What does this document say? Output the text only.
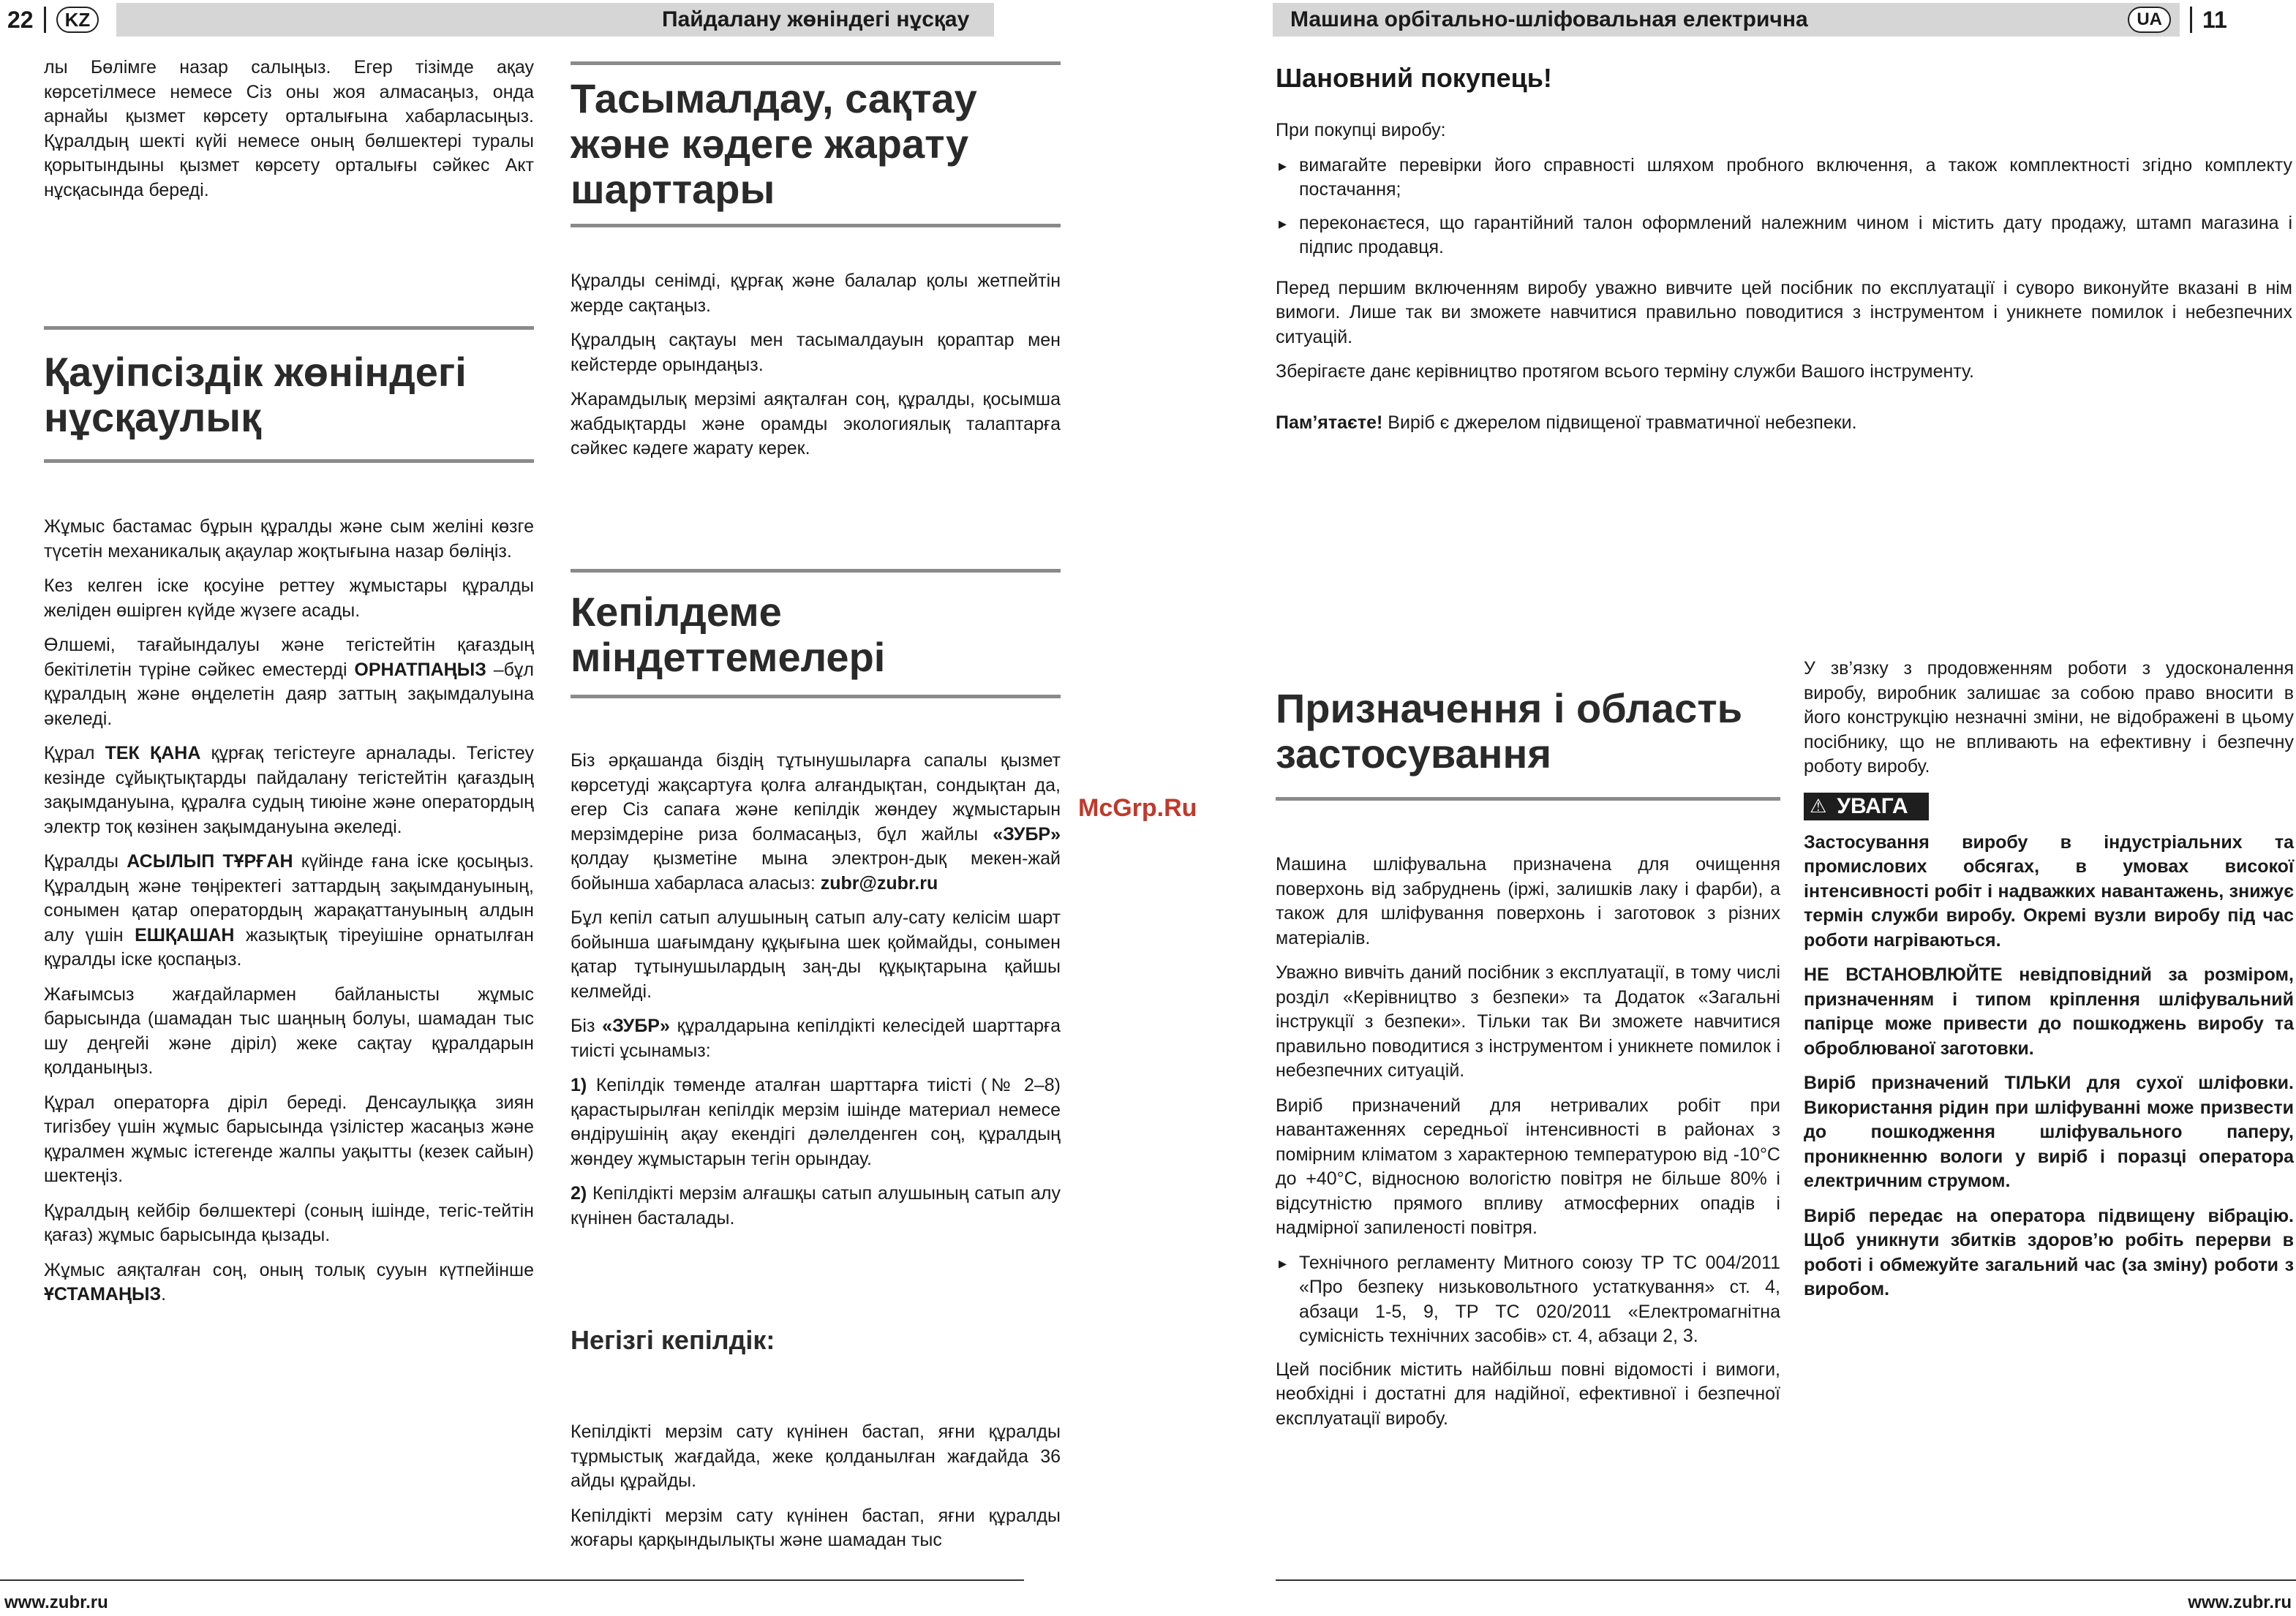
22	KZ	Пайдалану жөніндегі нұсқау

лы Бөлімге назар салыңыз. Егер тізімде ақау көрсетілмесе немесе Сіз оны жоя алмасаңыз, онда арнайы қызмет көрсету орталығына хабарласыңыз. Құралдың шекті күйі немесе оның бөлшектері туралы қорытындыны қызмет көрсету орталығы сәйкес Акт нұсқасында береді.

Қауіпсіздік жөніндегі нұсқаулық

Жұмыс бастамас бұрын құралды және сым желіні көзге түсетін механикалық ақаулар жоқтығына назар бөліңіз.

Кез келген іске қосуіне реттеу жұмыстары құралды желіден өшірген күйде жүзеге асады.

Өлшемі, тағайындалуы және тегістейтін қағаздың бекітілетін түріне сәйкес еместерді ОРНАТПАҢЫЗ –бұл құралдың және өңделетін даяр заттың зақымдалуына әкеледі.

Құрал ТЕК ҚАНА құрғақ тегістеуге арналады. Тегістеу кезінде сұйықтықтарды пайдалану тегістейтін қағаздың зақымдануына, құралға судың тиюіне және оператордың электр тоқ көзінен зақымдануына әкеледі.

Құралды АСЫЛЫП ТҰРҒАН күйінде ғана іске қосыңыз. Құралдың және төңіректегі заттардың зақымдануының, сонымен қатар оператордың жарақаттануының алдын алу үшін ЕШҚАШАН жазықтық тіреуішіне орнатылған құралды іске қоспаңыз.

Жағымсыз жағдайлармен байланысты жұмыс барысында (шамадан тыс шаңның болуы, шамадан тыс шу деңгейі және діріл) жеке сақтау құралдарын қолданыңыз.

Құрал операторға діріл береді. Денсаулыққа зиян тигізбеу үшін жұмыс барысында үзілістер жасаңыз және құралмен жұмыс істегенде жалпы уақытты (кезек сайын) шектеңіз.

Құралдың кейбір бөлшектері (соның ішінде, тегіс-тейтін қағаз) жұмыс барысында қызады.

Жұмыс аяқталған соң, оның толық сууын күтпейінше ҰСТАМАҢЫЗ.

Тасымалдау, сақтау және кәдеге жарату шарттары

Құралды сенімді, құрғақ және балалар қолы жетпейтін жерде сақтаңыз.

Құралдың сақтауы мен тасымалдауын қораптар мен кейстерде орындаңыз.

Жарамдылық мерзімі аяқталған соң, құралды, қосымша жабдықтарды және орамды экологиялық талаптарға сәйкес кәдеге жарату керек.

Кепілдеме міндеттемелері

Біз әрқашанда біздің тұтынушыларға сапалы қызмет көрсетуді жақсартуға қолға алғандықтан, сондықтан да, егер Сіз сапаға және кепілдік жөндеу жұмыстарын мерзімдеріне риза болмасаңыз, бұл жайлы «ЗУБР» қолдау қызметіне мына электрон-дық мекен-жай бойынша хабарласа аласыз: zubr@zubr.ru

Бұл кепіл сатып алушының сатып алу-сату келісім шарт бойынша шағымдану құқығына шек қоймайды, сонымен қатар тұтынушылардың заң-ды құқықтарына қайшы келмейді.

Біз «ЗУБР» құралдарына кепілдікті келесідей шарттарға тиісті ұсынамыз:

1) Кепілдік төменде аталған шарттарға тиісті (№ 2–8) қарастырылған кепілдік мерзім ішінде материал немесе өндірушінің ақау екендігі дәлелденген соң, құралдың жөндеу жұмыстарын тегін орындау.

2) Кепілдікті мерзім алғашқы сатып алушының сатып алу күнінен басталады.

Негізгі кепілдік:

Кепілдікті мерзім сату күнінен бастап, яғни құралды тұрмыстық жағдайда, жеке қолданылған жағдайда 36 айды құрайды.

Кепілдікті мерзім сату күнінен бастап, яғни құралды жоғары қарқындылықты және шамадан тыс

www.zubr.ru
McGrp.Ru
Машина орбітально-шліфовальная електрична	UA	11
Шановний покупець!

При покупці виробу:

▸ вимагайте перевірки його справності шляхом пробного включення, а також комплектності згідно комплекту постачання;
▸ переконаєтеся, що гарантійний талон оформлений належним чином і містить дату продажу, штамп магазина і підпис продавця.

Перед першим включенням виробу уважно вивчите цей посібник по експлуатації і суворо виконуйте вказані в нім вимоги. Лише так ви зможете навчитися правильно поводитися з інструментом і уникнете помилок і небезпечних ситуацій.

Зберігаєте данє керівництво протягом всього терміну служби Вашого інструменту.

Пам’ятаєте! Виріб є джерелом підвищеної травматичної небезпеки.

Призначення і область застосування

Машина шліфувальна призначена для очищення поверхонь від забруднень (іржі, залишків лаку і фарби), а також для шліфування поверхонь і заготовок з різних матеріалів.

Уважно вивчіть даний посібник з експлуатації, в тому числі розділ «Керівництво з безпеки» та Додаток «Загальні інструкції з безпеки». Тільки так Ви зможете навчитися правильно поводитися з інструментом і уникнете помилок і небезпечних ситуацій.

Виріб призначений для нетривалих робіт при навантаженнях середньої інтенсивності в районах з помірним кліматом з характерною температурою від -10°С до +40°С, відносною вологістю повітря не більше 80% і відсутністю прямого впливу атмосферних опадів і надмірної запиленості повітря.

▸ Технічного регламенту Митного союзу ТР ТС 004/2011 «Про безпеку низьковольтного устаткування» ст. 4, абзаци 1-5, 9, ТР ТС 020/2011 «Електромагнітна сумісність технічних засобів» ст. 4, абзаци 2, 3.

Цей посібник містить найбільш повні відомості і вимоги, необхідні і достатні для надійної, ефективної і безпечної експлуатації виробу.

У зв’язку з продовженням роботи з удосконалення виробу, виробник залишає за собою право вносити в його конструкцію незначні зміни, не відображені в цьому посібнику, що не впливають на ефективну і безпечну роботу виробу.

⚠ УВАГА

Застосування виробу в індустріальних та промислових обсягах, в умовах високої інтенсивності робіт і надважких навантажень, знижує термін служби виробу. Окремі вузли виробу під час роботи нагріваються.

НЕ ВСТАНОВЛЮЙТЕ невідповідний за розміром, призначенням і типом кріплення шліфувальний папірце може привести до пошкоджень виробу та оброблюваної заготовки.

Виріб призначений ТІЛЬКИ для сухої шліфовки. Використання рідин при шліфуванні може призвести до пошкодження шліфувального паперу, проникненню вологи у виріб і поразці оператора електричним струмом.

Виріб передає на оператора підвищену вібрацію. Щоб уникнути збитків здоров’ю робіть перерви в роботі і обмежуйте загальний час (за зміну) роботи з виробом.

www.zubr.ru
